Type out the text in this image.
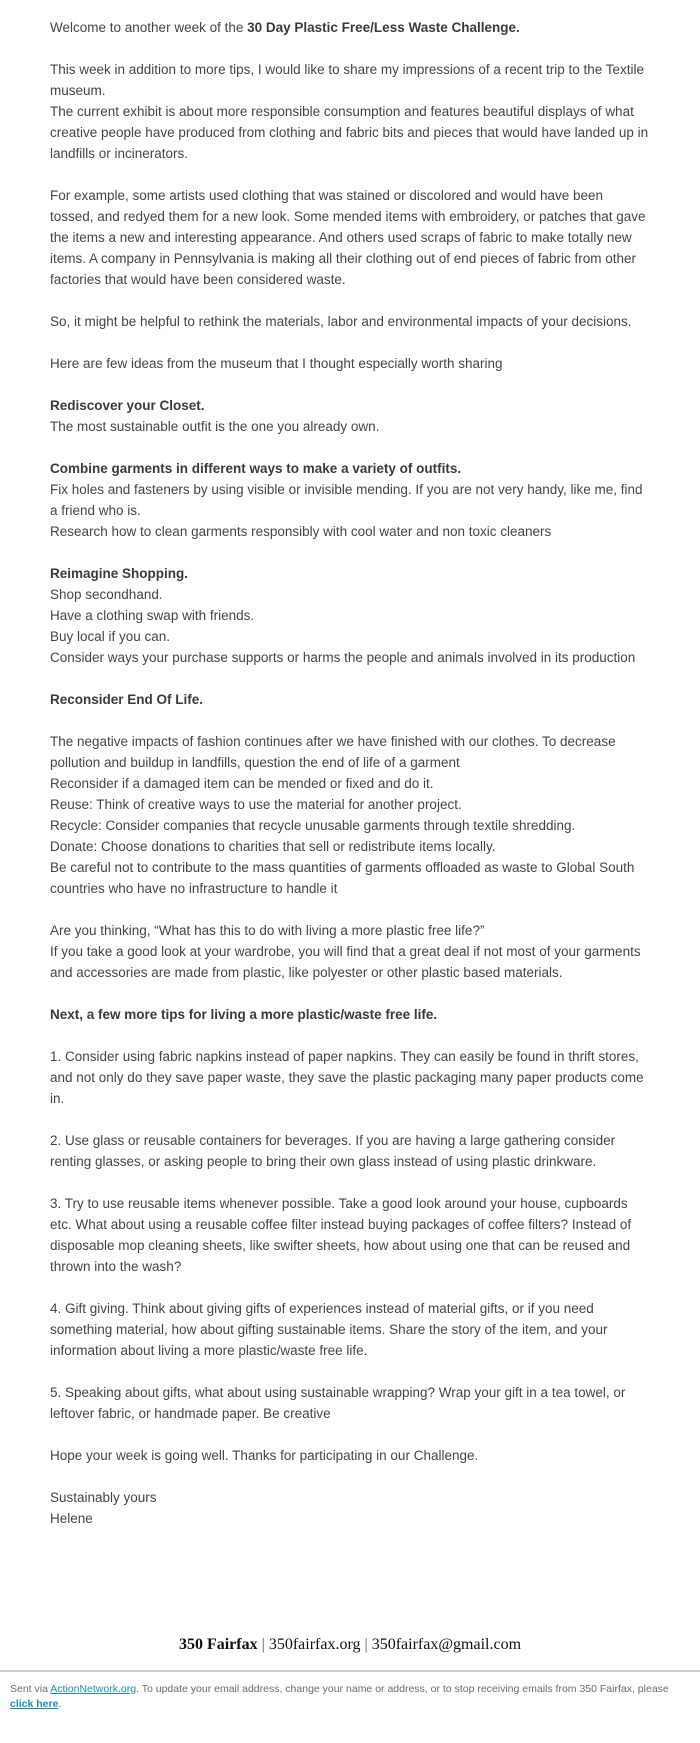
Welcome to another week of the 30 Day Plastic Free/Less Waste Challenge.

This week in addition to more tips, I would like to share my impressions of a recent trip to the Textile museum.

The current exhibit is about more responsible consumption and features beautiful displays of what creative people have produced from clothing and fabric bits and pieces that would have landed up in landfills or incinerators.

For example, some artists used clothing that was stained or discolored and would have been tossed, and redyed them for a new look. Some mended items with embroidery, or patches that gave the items a new and interesting appearance. And others used scraps of fabric to make totally new items. A company in Pennsylvania is making all their clothing out of end pieces of fabric from other factories that would have been considered waste.

So, it might be helpful to rethink the materials, labor and environmental impacts of your decisions.

Here are few ideas from the museum that I thought especially worth sharing

Rediscover your Closet.

The most sustainable outfit is the one you already own.

Combine garments in different ways to make a variety of outfits.

Fix holes and fasteners by using visible or invisible mending. If you are not very handy, like me, find a friend who is.

Research how to clean garments responsibly with cool water and non toxic cleaners

Reimagine Shopping.

Shop secondhand.

Have a clothing swap with friends.

Buy local if you can.

Consider ways your purchase supports or harms the people and animals involved in its production

Reconsider End Of Life.

The negative impacts of fashion continues after we have finished with our clothes. To decrease pollution and buildup in landfills, question the end of life of a garment

Reconsider if a damaged item can be mended or fixed and do it.

Reuse: Think of creative ways to use the material for another project.

Recycle: Consider companies that recycle unusable garments through textile shredding.

Donate: Choose donations to charities that sell or redistribute items locally.

Be careful not to contribute to the mass quantities of garments offloaded as waste to Global South countries who have no infrastructure to handle it

Are you thinking, “What has this to do with living a more plastic free life?”

If you take a good look at your wardrobe, you will find that a great deal if not most of your garments and accessories are made from plastic, like polyester or other plastic based materials.

Next, a few more tips for living a more plastic/waste free life.

1. Consider using fabric napkins instead of paper napkins. They can easily be found in thrift stores, and not only do they save paper waste, they save the plastic packaging many paper products come in.

2. Use glass or reusable containers for beverages. If you are having a large gathering consider renting glasses, or asking people to bring their own glass instead of using plastic drinkware.

3. Try to use reusable items whenever possible. Take a good look around your house, cupboards etc. What about using a reusable coffee filter instead buying packages of coffee filters? Instead of disposable mop cleaning sheets, like swifter sheets, how about using one that can be reused and thrown into the wash?

4. Gift giving. Think about giving gifts of experiences instead of material gifts, or if you need something material, how about gifting sustainable items. Share the story of the item, and your information about living a more plastic/waste free life.

5. Speaking about gifts, what about using sustainable wrapping? Wrap your gift in a tea towel, or leftover fabric, or handmade paper. Be creative

Hope your week is going well. Thanks for participating in our Challenge.

Sustainably yours

Helene

350 Fairfax | 350fairfax.org | 350fairfax@gmail.com
Sent via ActionNetwork.org. To update your email address, change your name or address, or to stop receiving emails from 350 Fairfax, please click here.
